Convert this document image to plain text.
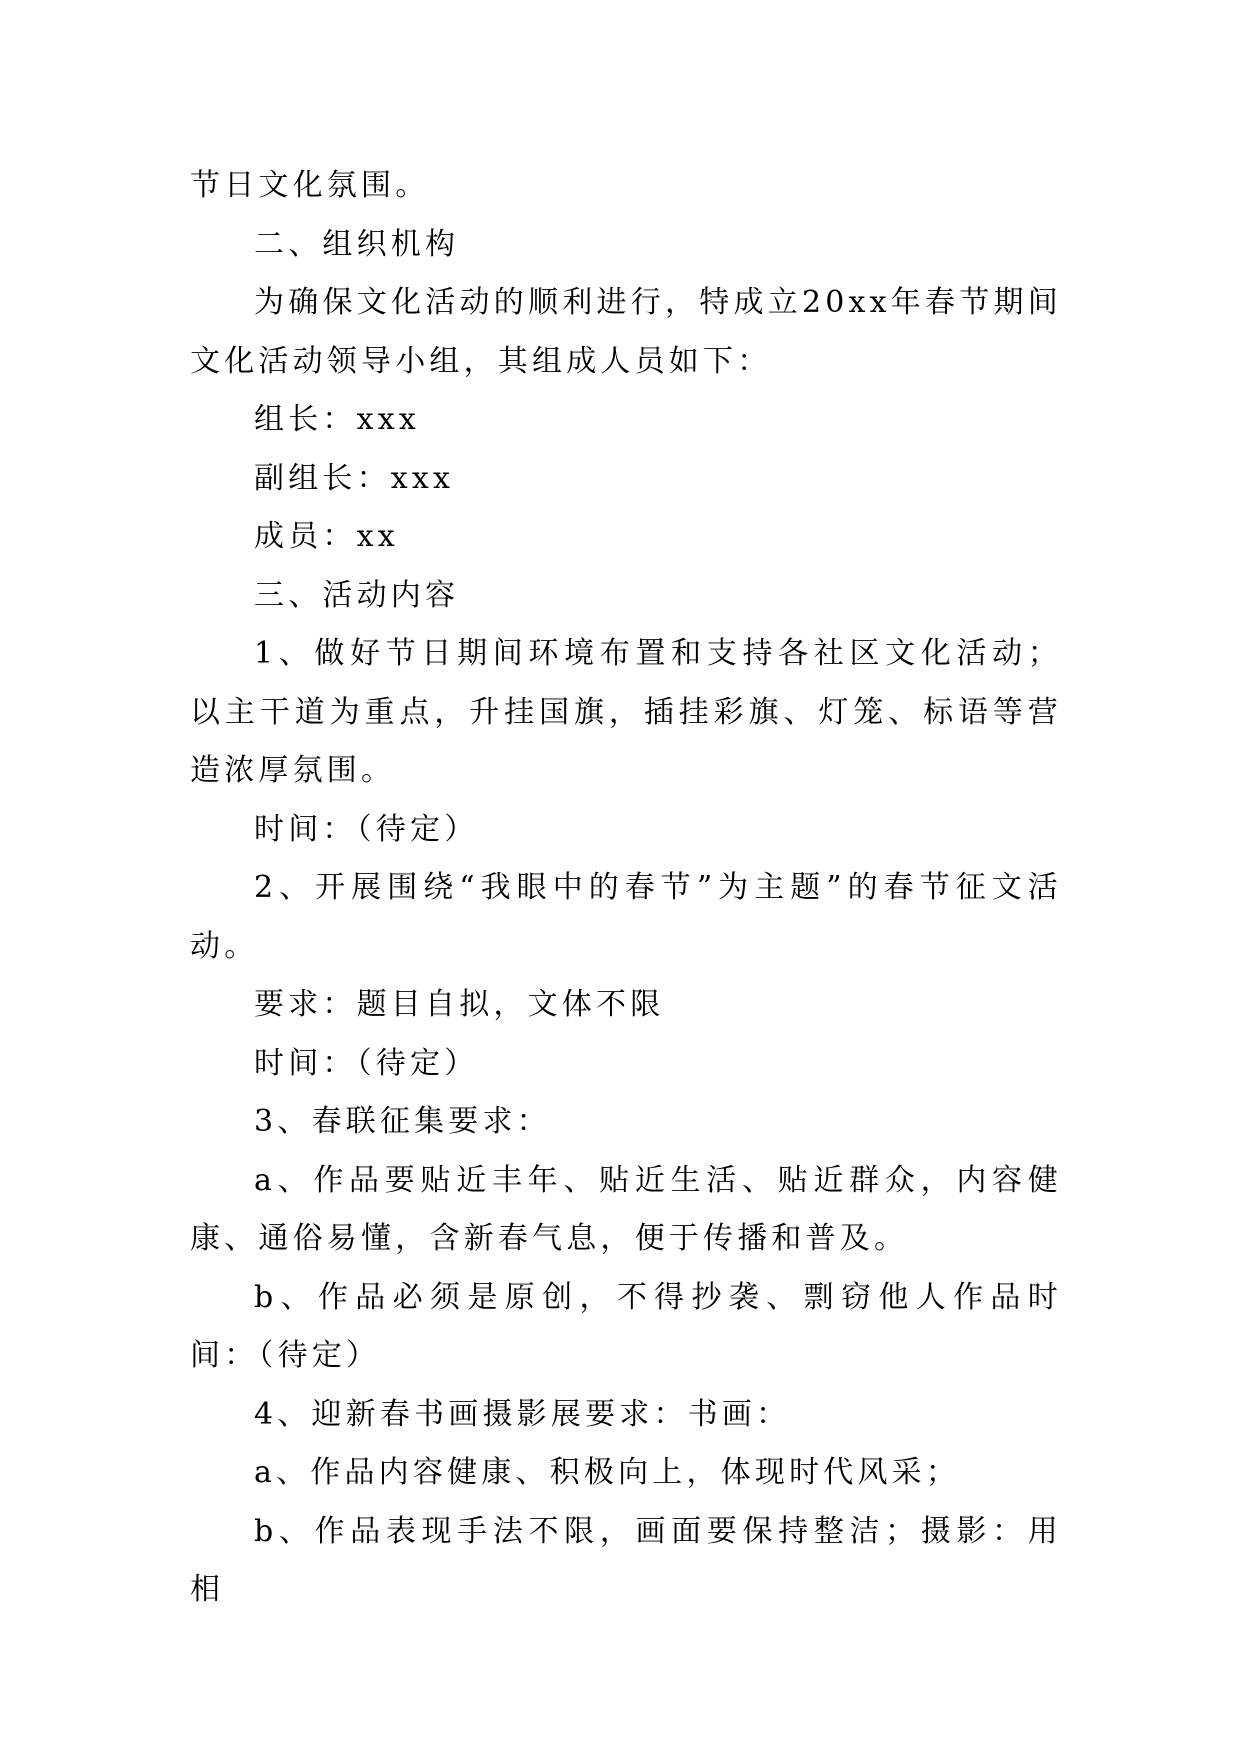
节日文化氛围。

二、组织机构

为确保文化活动的顺利进行，特成立20xx年春节期间文化活动领导小组，其组成人员如下：

组长：xxx

副组长：xxx

成员：xx

三、活动内容

1、做好节日期间环境布置和支持各社区文化活动；以主干道为重点，升挂国旗，插挂彩旗、灯笼、标语等营造浓厚氛围。

时间：（待定）

2、开展围绕“我眼中的春节”为主题”的春节征文活动。

要求：题目自拟，文体不限

时间：（待定）

3、春联征集要求：

a、作品要贴近丰年、贴近生活、贴近群众，内容健康、通俗易懂，含新春气息，便于传播和普及。

b、作品必须是原创，不得抄袭、剽窃他人作品时间：（待定）

4、迎新春书画摄影展要求：书画：

a、作品内容健康、积极向上，体现时代风采；

b、作品表现手法不限，画面要保持整洁；摄影：用相
